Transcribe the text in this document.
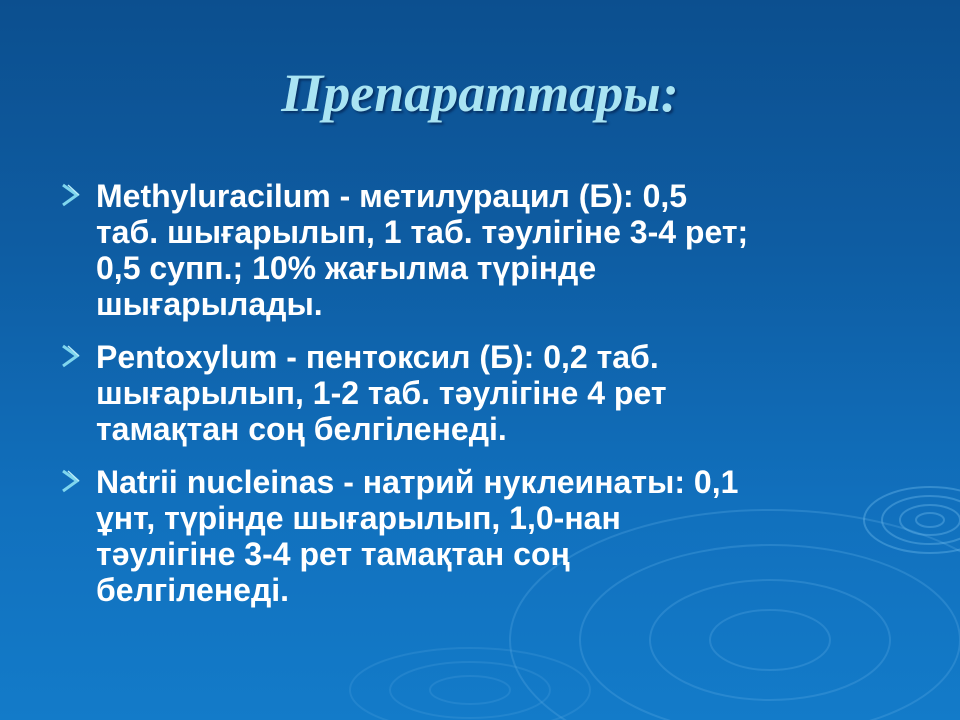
Препараттары:
Methyluracilum - метилурацил (Б): 0,5
таб. шығарылып, 1 таб. тәулігіне 3-4 рет;
0,5 супп.; 10% жағылма түрінде
шығарылады.
Pentoxylum - пентоксил (Б): 0,2 таб.
шығарылып, 1-2 таб. тәулігіне 4 рет
тамақтан соң белгіленеді.
Natrii nucleinas - натрий нуклеинаты: 0,1
ұнт, түрінде шығарылып, 1,0-нан
тәулігіне 3-4 рет тамақтан соң
белгіленеді.
